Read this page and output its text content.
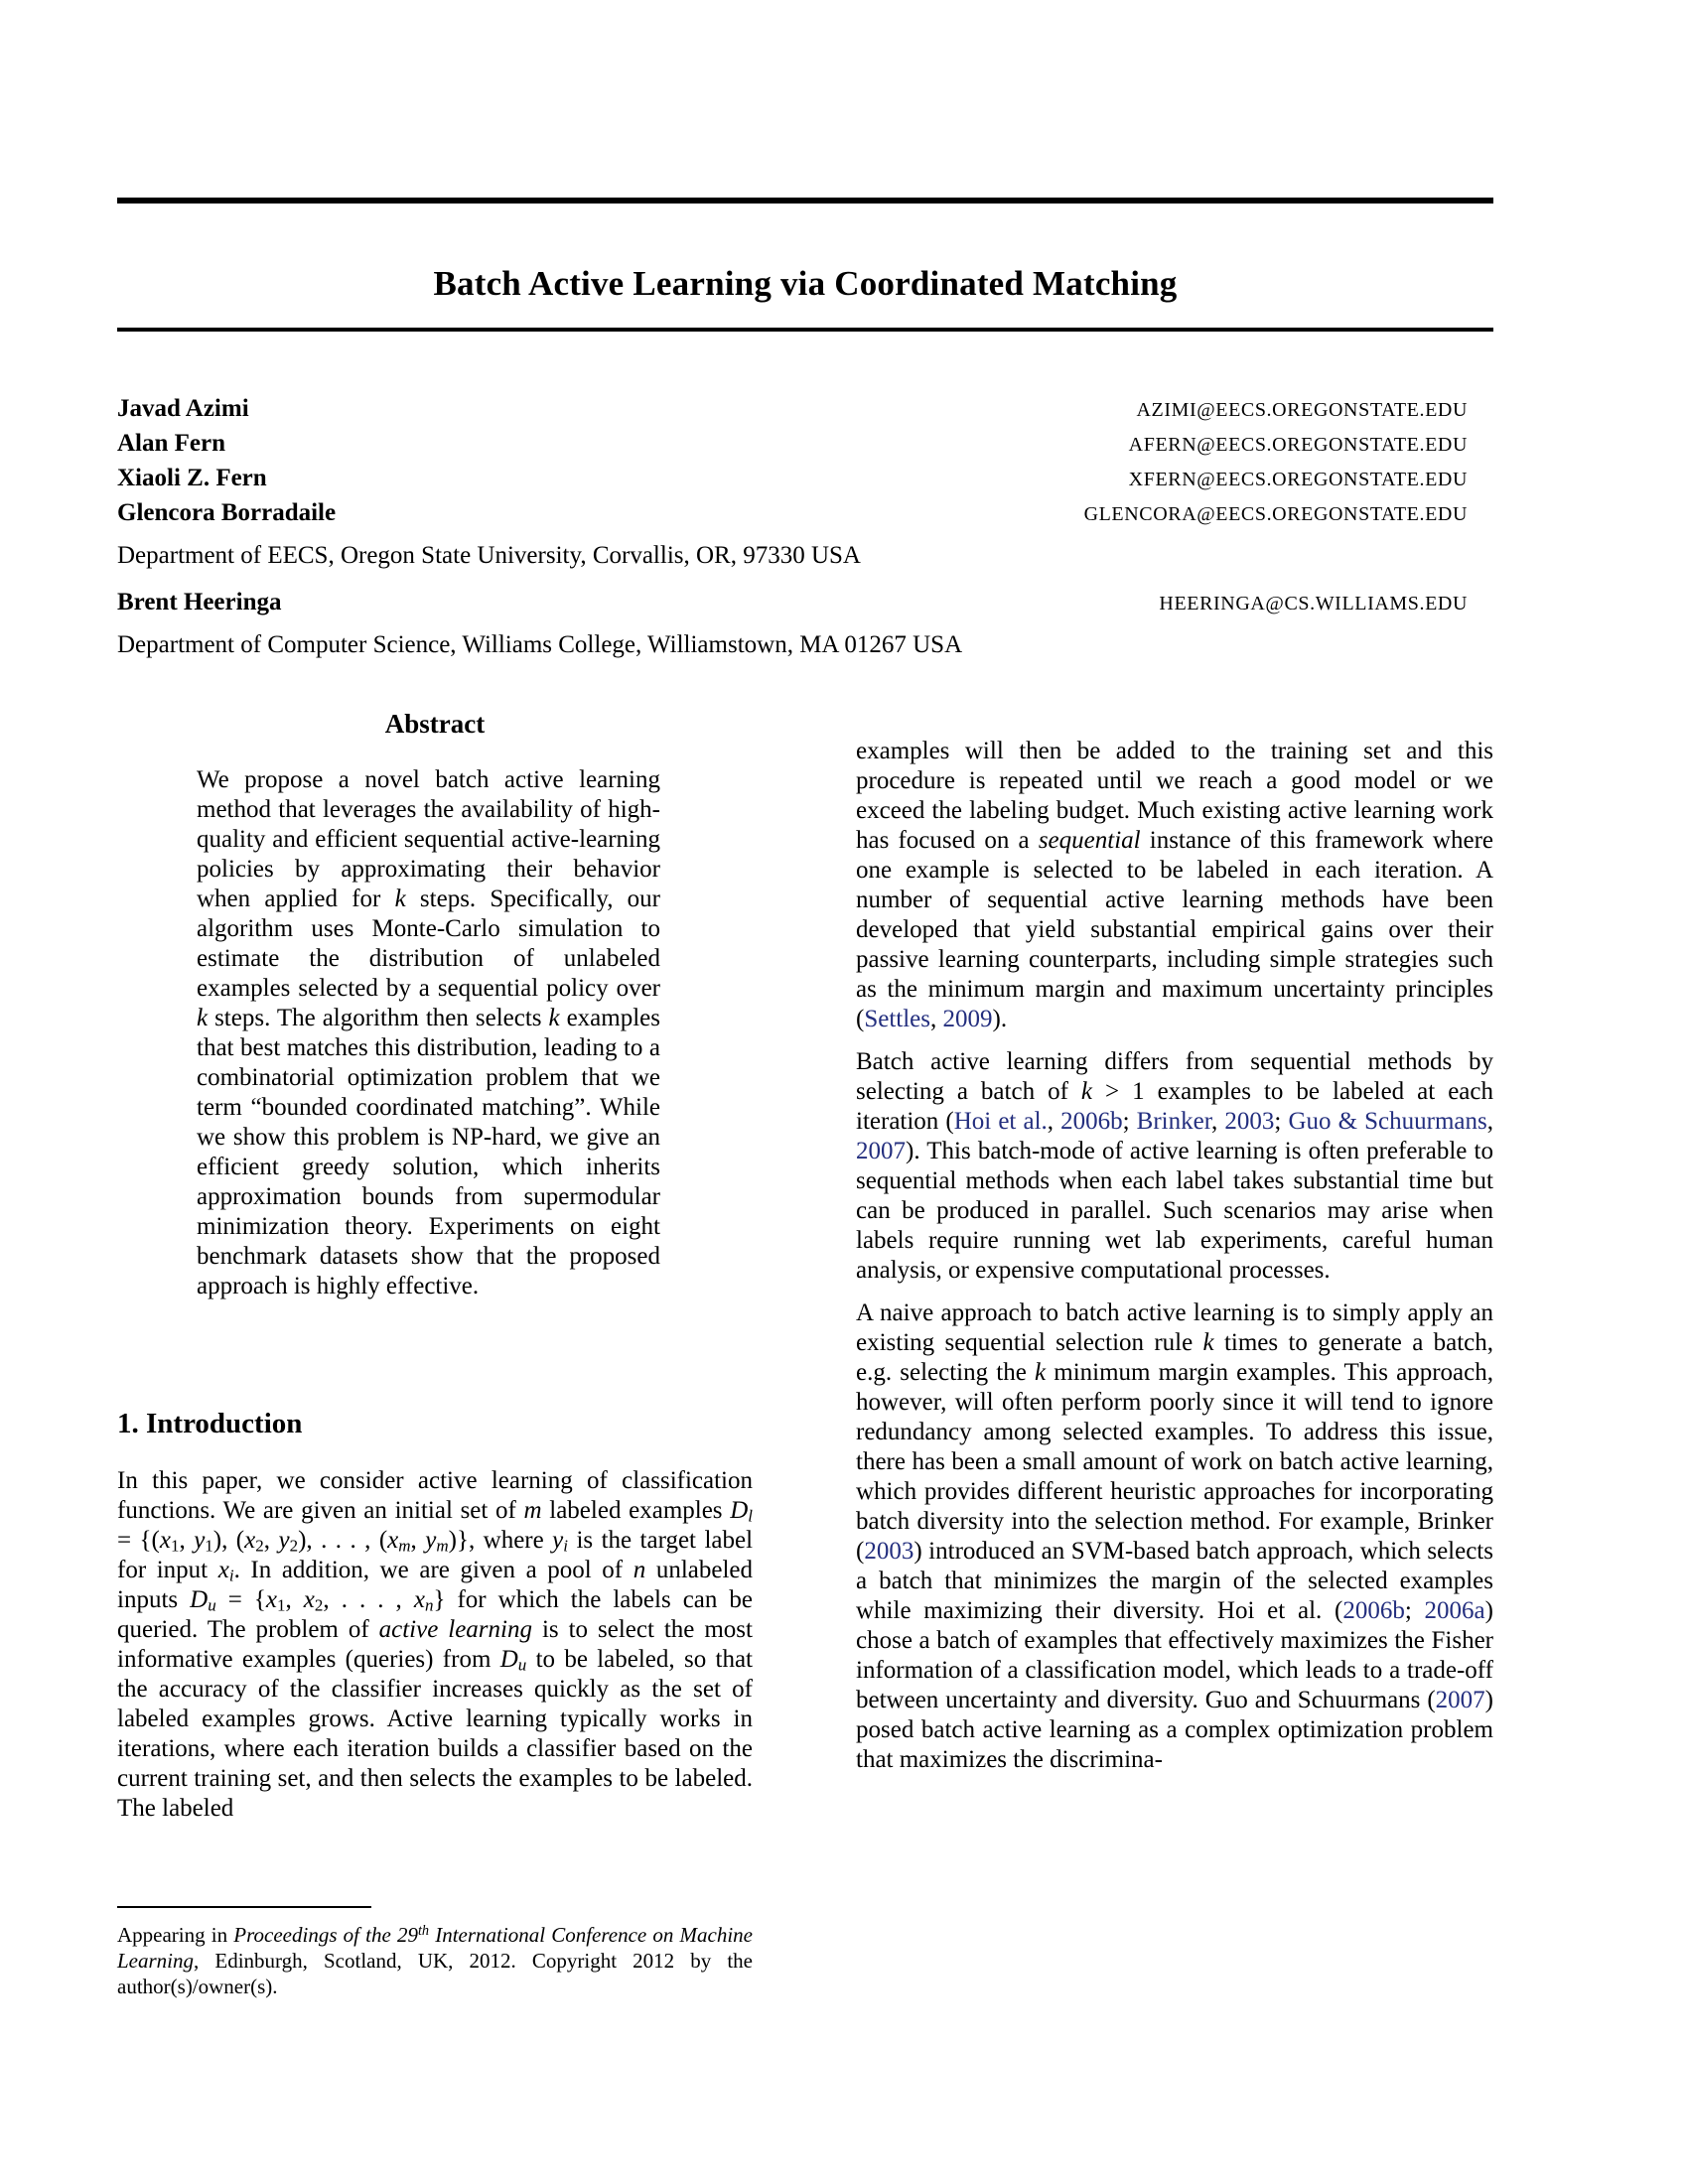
Batch Active Learning via Coordinated Matching
Javad Azimi	AZIMI@EECS.OREGONSTATE.EDU
Alan Fern	AFERN@EECS.OREGONSTATE.EDU
Xiaoli Z. Fern	XFERN@EECS.OREGONSTATE.EDU
Glencora Borradaile	GLENCORA@EECS.OREGONSTATE.EDU
Department of EECS, Oregon State University, Corvallis, OR, 97330 USA
Brent Heeringa	HEERINGA@CS.WILLIAMS.EDU
Department of Computer Science, Williams College, Williamstown, MA 01267 USA
Abstract

We propose a novel batch active learning method that leverages the availability of high-quality and efficient sequential active-learning policies by approximating their behavior when applied for k steps. Specifically, our algorithm uses Monte-Carlo simulation to estimate the distribution of unlabeled examples selected by a sequential policy over k steps. The algorithm then selects k examples that best matches this distribution, leading to a combinatorial optimization problem that we term “bounded coordinated matching”. While we show this problem is NP-hard, we give an efficient greedy solution, which inherits approximation bounds from supermodular minimization theory. Experiments on eight benchmark datasets show that the proposed approach is highly effective.

1. Introduction

In this paper, we consider active learning of classification functions. We are given an initial set of m labeled examples $D_l = \{(x_1$, $y_1$), ($x_2$, $y_2$), . . . , ($x_m$, $y_m$)}, where $y_i$ is the target label for input $x_i$. In addition, we are given a pool of n unlabeled inputs $D_u = \{x_1$, $x_2$, . . . , $x_n$} for which the labels can be queried. The problem of active learning is to select the most informative examples (queries) from $D_u$ to be labeled, so that the accuracy of the classifier increases quickly as the set of labeled examples grows. Active learning typically works in iterations, where each iteration builds a classifier based on the current training set, and then selects the examples to be labeled. The labeled

Appearing in Proceedings of the 29th International Conference on Machine Learning, Edinburgh, Scotland, UK, 2012. Copyright 2012 by the author(s)/owner(s).

examples will then be added to the training set and this procedure is repeated until we reach a good model or we exceed the labeling budget. Much existing active learning work has focused on a sequential instance of this framework where one example is selected to be labeled in each iteration. A number of sequential active learning methods have been developed that yield substantial empirical gains over their passive learning counterparts, including simple strategies such as the minimum margin and maximum uncertainty principles (Settles, 2009).

Batch active learning differs from sequential methods by selecting a batch of k > 1 examples to be labeled at each iteration (Hoi et al., 2006b; Brinker, 2003; Guo & Schuurmans, 2007). This batch-mode of active learning is often preferable to sequential methods when each label takes substantial time but can be produced in parallel. Such scenarios may arise when labels require running wet lab experiments, careful human analysis, or expensive computational processes.

A naive approach to batch active learning is to simply apply an existing sequential selection rule k times to generate a batch, e.g. selecting the k minimum margin examples. This approach, however, will often perform poorly since it will tend to ignore redundancy among selected examples. To address this issue, there has been a small amount of work on batch active learning, which provides different heuristic approaches for incorporating batch diversity into the selection method. For example, Brinker (2003) introduced an SVM-based batch approach, which selects a batch that minimizes the margin of the selected examples while maximizing their diversity. Hoi et al. (2006b; 2006a) chose a batch of examples that effectively maximizes the Fisher information of a classification model, which leads to a trade-off between uncertainty and diversity. Guo and Schuurmans (2007) posed batch active learning as a complex optimization problem that maximizes the discrimina-
